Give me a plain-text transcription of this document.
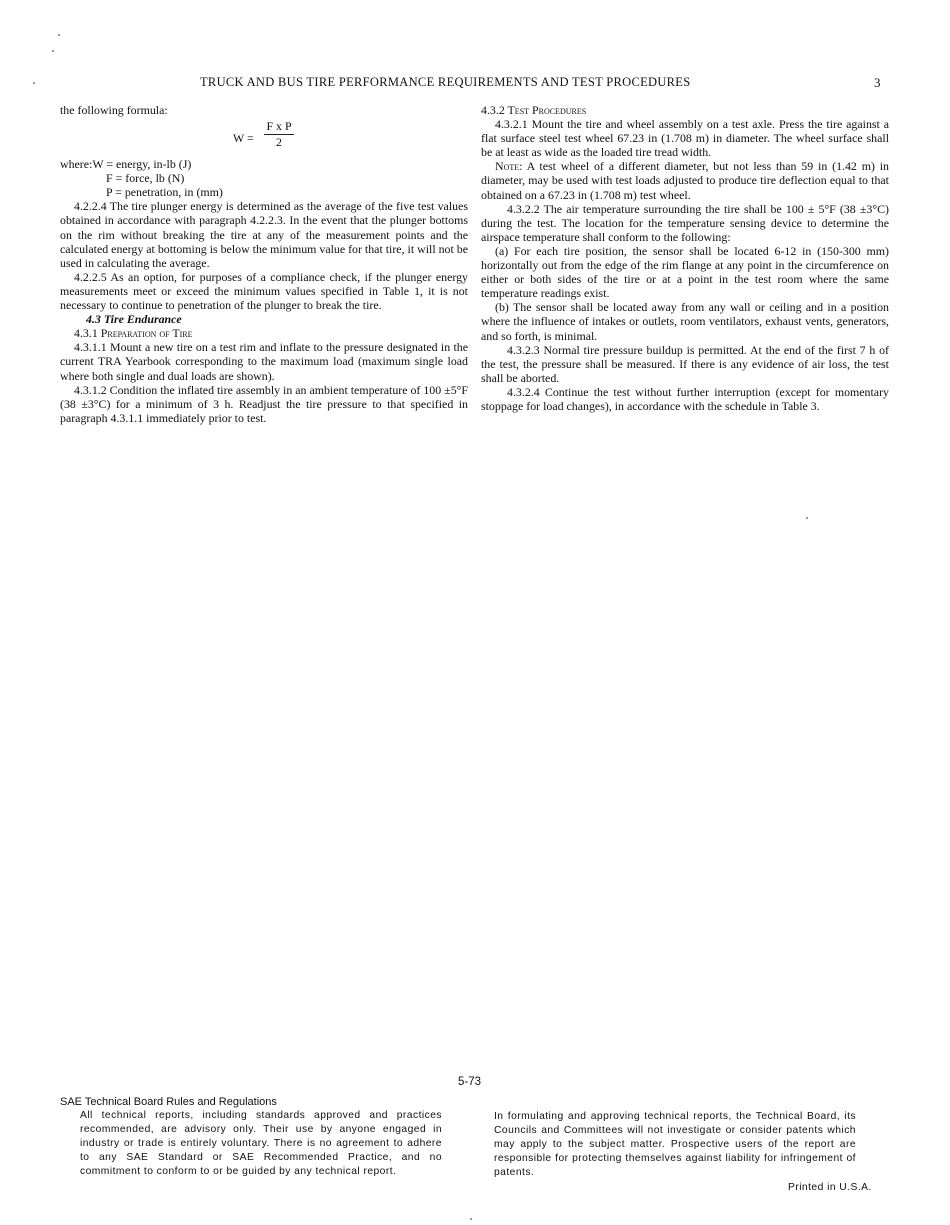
TRUCK AND BUS TIRE PERFORMANCE REQUIREMENTS AND TEST PROCEDURES	3

the following formula:

$W = \frac{\text{F x P}}{2}$

where:W = energy, in-lb (J)

F = force, lb (N)

P = penetration, in (mm)

4.2.2.4 The tire plunger energy is determined as the average of the five test values obtained in accordance with paragraph 4.2.2.3. In the event that the plunger bottoms on the rim without breaking the tire at any of the measurement points and the calculated energy at bottoming is below the minimum value for that tire, it will not be used in calculating the average.

4.2.2.5 As an option, for purposes of a compliance check, if the plunger energy measurements meet or exceed the minimum values specified in Table 1, it is not necessary to continue to penetration of the plunger to break the tire.

4.3 Tire Endurance

4.3.1 Preparation of Tire

4.3.1.1 Mount a new tire on a test rim and inflate to the pressure designated in the current TRA Yearbook corresponding to the maximum load (maximum single load where both single and dual loads are shown).

4.3.1.2 Condition the inflated tire assembly in an ambient temperature of 100 ±5°F (38 ±3°C) for a minimum of 3 h. Readjust the tire pressure to that specified in paragraph 4.3.1.1 immediately prior to test.

4.3.2 Test Procedures

4.3.2.1 Mount the tire and wheel assembly on a test axle. Press the tire against a flat surface steel test wheel 67.23 in (1.708 m) in diameter. The wheel surface shall be at least as wide as the loaded tire tread width.

Note: A test wheel of a different diameter, but not less than 59 in (1.42 m) in diameter, may be used with test loads adjusted to produce tire deflection equal to that obtained on a 67.23 in (1.708 m) test wheel.

4.3.2.2 The air temperature surrounding the tire shall be 100 ± 5°F (38 ±3°C) during the test. The location for the temperature sensing device to determine the airspace temperature shall conform to the following:

(a) For each tire position, the sensor shall be located 6-12 in (150-300 mm) horizontally out from the edge of the rim flange at any point in the circumference on either or both sides of the tire or at a point in the test room where the same temperature readings exist.

(b) The sensor shall be located away from any wall or ceiling and in a position where the influence of intakes or outlets, room ventilators, exhaust vents, generators, and so forth, is minimal.

4.3.2.3 Normal tire pressure buildup is permitted. At the end of the first 7 h of the test, the pressure shall be measured. If there is any evidence of air loss, the test shall be aborted.

4.3.2.4 Continue the test without further interruption (except for momentary stoppage for load changes), in accordance with the schedule in Table 3.

5-73
SAE Technical Board Rules and Regulations
All technical reports, including standards approved and practices recommended, are advisory only. Their use by anyone engaged in industry or trade is entirely voluntary. There is no agreement to adhere to any SAE Standard or SAE Recommended Practice, and no commitment to conform to or be guided by any technical report.
In formulating and approving technical reports, the Technical Board, its Councils and Committees will not investigate or consider patents which may apply to the subject matter. Prospective users of the report are responsible for protecting themselves against liability for infringement of patents.
Printed in U.S.A.
